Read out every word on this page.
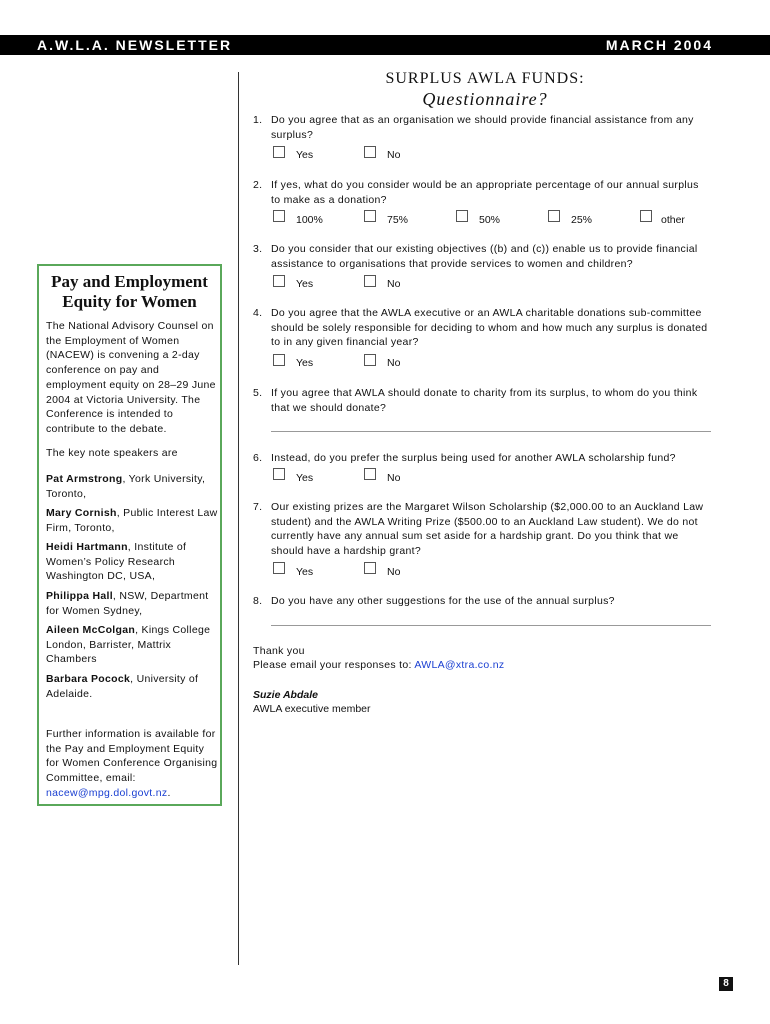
A.W.L.A. NEWSLETTER	MARCH 2004
Pay and Employment Equity for Women
The National Advisory Counsel on the Employment of Women (NACEW) is convening a 2-day conference on pay and employment equity on 28–29 June 2004 at Victoria University. The Conference is intended to contribute to the debate.
The key note speakers are
Pat Armstrong, York University, Toronto,
Mary Cornish, Public Interest Law Firm, Toronto,
Heidi Hartmann, Institute of Women’s Policy Research Washington DC, USA,
Philippa Hall, NSW, Department for Women Sydney,
Aileen McColgan, Kings College London, Barrister, Mattrix Chambers
Barbara Pocock, University of Adelaide.
Further information is available for the Pay and Employment Equity for Women Conference Organising Committee, email: nacew@mpg.dol.govt.nz.
SURPLUS AWLA FUNDS:
Questionnaire?
1. Do you agree that as an organisation we should provide financial assistance from any surplus?
Yes	No
2. If yes, what do you consider would be an appropriate percentage of our annual surplus to make as a donation?
100%	75%	50%	25%	other
3. Do you consider that our existing objectives ((b) and (c)) enable us to provide financial assistance to organisations that provide services to women and children?
Yes	No
4. Do you agree that the AWLA executive or an AWLA charitable donations sub-committee should be solely responsible for deciding to whom and how much any surplus is donated to in any given financial year?
Yes	No
5. If you agree that AWLA should donate to charity from its surplus, to whom do you think that we should donate?
6. Instead, do you prefer the surplus being used for another AWLA scholarship fund?
Yes	No
7. Our existing prizes are the Margaret Wilson Scholarship ($2,000.00 to an Auckland Law student) and the AWLA Writing Prize ($500.00 to an Auckland Law student). We do not currently have any annual sum set aside for a hardship grant. Do you think that we should have a hardship grant?
Yes	No
8. Do you have any other suggestions for the use of the annual surplus?
Thank you
Please email your responses to: AWLA@xtra.co.nz
Suzie Abdale
AWLA executive member
8
